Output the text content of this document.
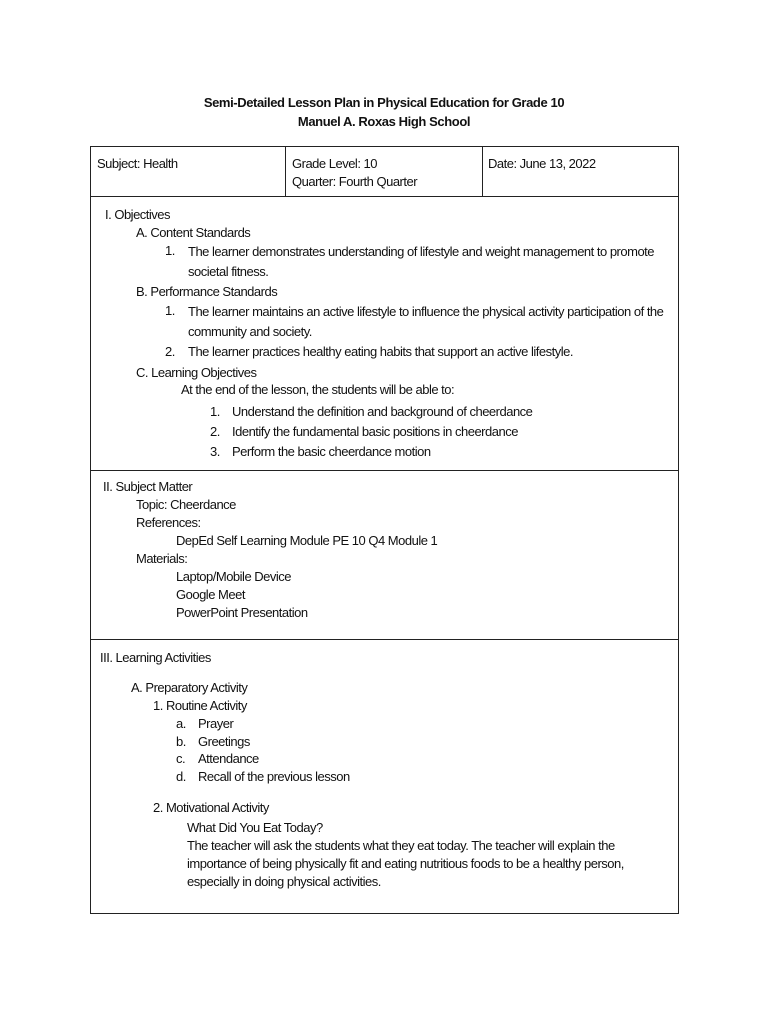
Semi-Detailed Lesson Plan in Physical Education for Grade 10
Manuel A. Roxas High School
Subject: Health	Grade Level: 10
Quarter: Fourth Quarter
Date: June 13, 2022
I. Objectives
A. Content Standards
1. The learner demonstrates understanding of lifestyle and weight management to promote societal fitness.
B. Performance Standards
1. The learner maintains an active lifestyle to influence the physical activity participation of the community and society.
2. The learner practices healthy eating habits that support an active lifestyle.
C. Learning Objectives
At the end of the lesson, the students will be able to:
1. Understand the definition and background of cheerdance
2. Identify the fundamental basic positions in cheerdance
3. Perform the basic cheerdance motion
II. Subject Matter
Topic: Cheerdance
References:
DepEd Self Learning Module PE 10 Q4 Module 1
Materials:
Laptop/Mobile Device
Google Meet
PowerPoint Presentation
III. Learning Activities
A. Preparatory Activity
1. Routine Activity
a. Prayer
b. Greetings
c. Attendance
d. Recall of the previous lesson
2. Motivational Activity
What Did You Eat Today?
The teacher will ask the students what they eat today. The teacher will explain the importance of being physically fit and eating nutritious foods to be a healthy person, especially in doing physical activities.
